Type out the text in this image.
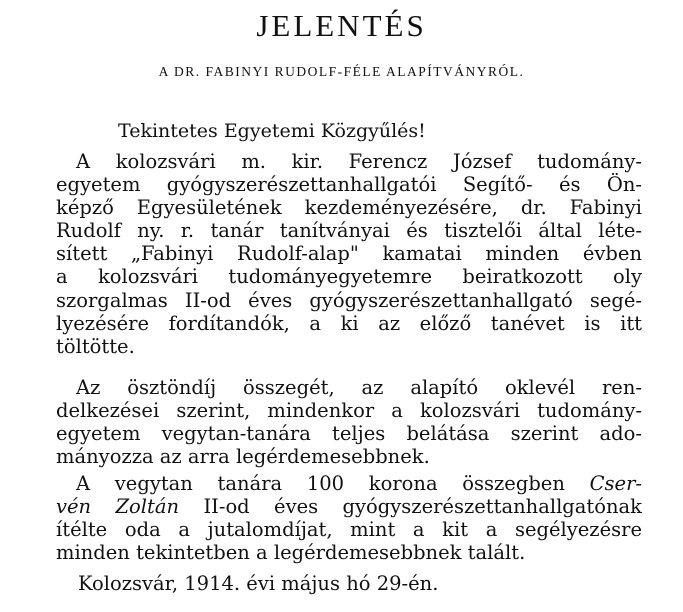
JELENTÉS

A DR. FABINYI RUDOLF-FÉLE ALAPÍTVÁNYRÓL.

Tekintetes Egyetemi Közgyűlés!

A kolozsvári m. kir. Ferencz József tudomány-
egyetem gyógyszerészettanhallgatói Segítő- és Ön-
képző Egyesületének kezdeményezésére, dr. Fabinyi
Rudolf ny. r. tanár tanítványai és tisztelői által léte-
sített „Fabinyi Rudolf-alap" kamatai minden évben
a kolozsvári tudományegyetemre beiratkozott oly
szorgalmas II-od éves gyógyszerészettanhallgató segé-
lyezésére fordítandók, a ki az előző tanévet is itt
töltötte.
Az ösztöndíj összegét, az alapító oklevél ren-
delkezései szerint, mindenkor a kolozsvári tudomány-
egyetem vegytan-tanára teljes belátása szerint ado-
mányozza az arra legérdemesebbnek.
A vegytan tanára 100 korona összegben Cser-
vén Zoltán II-od éves gyógyszerészettanhallgatónak
ítélte oda a jutalomdíjat, mint a kit a segélyezésre
minden tekintetben a legérdemesebbnek talált.

Kolozsvár, 1914. évi május hó 29-én.
